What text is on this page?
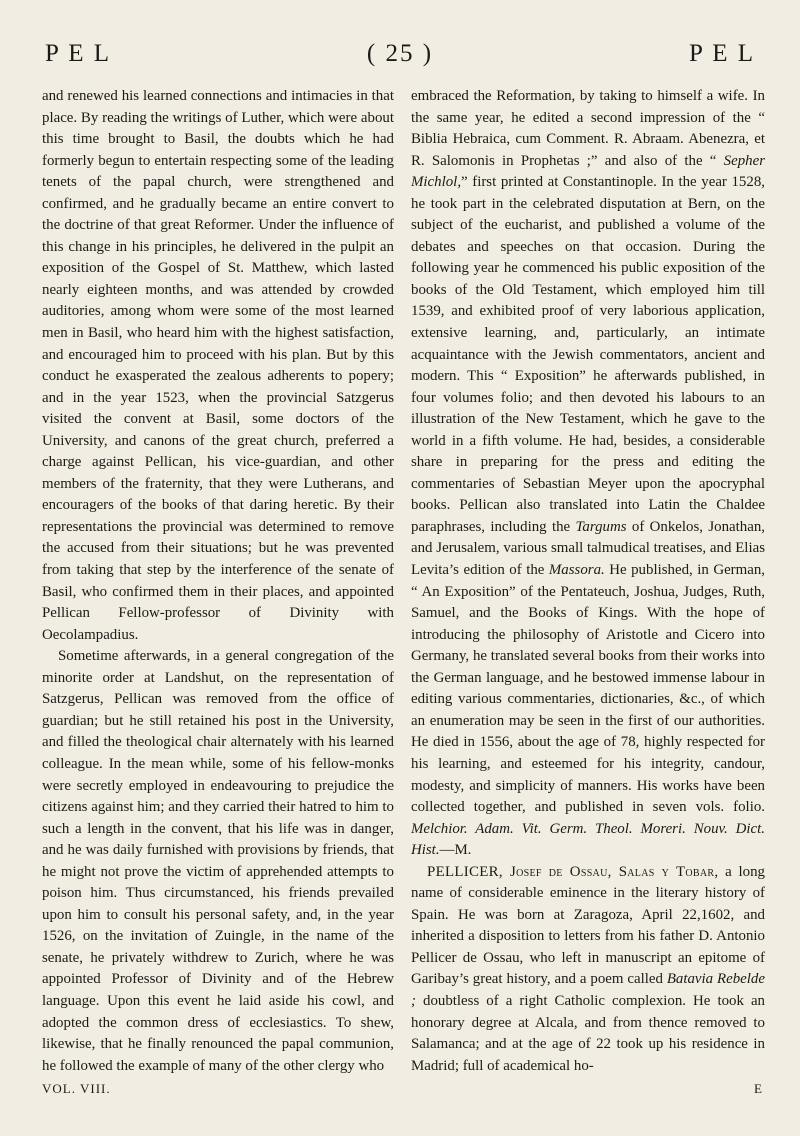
P E L	( 25 )	P E L

and renewed his learned connections and intimacies in that place. By reading the writings of Luther, which were about this time brought to Basil, the doubts which he had formerly begun to entertain respecting some of the leading tenets of the papal church, were strengthened and confirmed, and he gradually became an entire convert to the doctrine of that great Reformer. Under the influence of this change in his principles, he delivered in the pulpit an exposition of the Gospel of St. Matthew, which lasted nearly eighteen months, and was attended by crowded auditories, among whom were some of the most learned men in Basil, who heard him with the highest satisfaction, and encouraged him to proceed with his plan. But by this conduct he exasperated the zealous adherents to popery; and in the year 1523, when the provincial Satzgerus visited the convent at Basil, some doctors of the University, and canons of the great church, preferred a charge against Pellican, his vice-guardian, and other members of the fraternity, that they were Lutherans, and encouragers of the books of that daring heretic. By their representations the provincial was determined to remove the accused from their situations; but he was prevented from taking that step by the interference of the senate of Basil, who confirmed them in their places, and appointed Pellican Fellow-professor of Divinity with Oecolampadius.

Sometime afterwards, in a general congregation of the minorite order at Landshut, on the representation of Satzgerus, Pellican was removed from the office of guardian; but he still retained his post in the University, and filled the theological chair alternately with his learned colleague. In the mean while, some of his fellow-monks were secretly employed in endeavouring to prejudice the citizens against him; and they carried their hatred to him to such a length in the convent, that his life was in danger, and he was daily furnished with provisions by friends, that he might not prove the victim of apprehended attempts to poison him. Thus circumstanced, his friends prevailed upon him to consult his personal safety, and, in the year 1526, on the invitation of Zuingle, in the name of the senate, he privately withdrew to Zurich, where he was appointed Professor of Divinity and of the Hebrew language. Upon this event he laid aside his cowl, and adopted the common dress of ecclesiastics. To shew, likewise, that he finally renounced the papal communion, he followed the example of many of the other clergy who

embraced the Reformation, by taking to himself a wife. In the same year, he edited a second impression of the “ Biblia Hebraica, cum Comment. R. Abraam. Abenezra, et R. Salomonis in Prophetas ;” and also of the “ Sepher Michlol,” first printed at Constantinople. In the year 1528, he took part in the celebrated disputation at Bern, on the subject of the eucharist, and published a volume of the debates and speeches on that occasion. During the following year he commenced his public exposition of the books of the Old Testament, which employed him till 1539, and exhibited proof of very laborious application, extensive learning, and, particularly, an intimate acquaintance with the Jewish commentators, ancient and modern. This “ Exposition” he afterwards published, in four volumes folio; and then devoted his labours to an illustration of the New Testament, which he gave to the world in a fifth volume. He had, besides, a considerable share in preparing for the press and editing the commentaries of Sebastian Meyer upon the apocryphal books. Pellican also translated into Latin the Chaldee paraphrases, including the Targums of Onkelos, Jonathan, and Jerusalem, various small talmudical treatises, and Elias Levita’s edition of the Massora. He published, in German, “ An Exposition” of the Pentateuch, Joshua, Judges, Ruth, Samuel, and the Books of Kings. With the hope of introducing the philosophy of Aristotle and Cicero into Germany, he translated several books from their works into the German language, and he bestowed immense labour in editing various commentaries, dictionaries, &c., of which an enumeration may be seen in the first of our authorities. He died in 1556, about the age of 78, highly respected for his learning, and esteemed for his integrity, candour, modesty, and simplicity of manners. His works have been collected together, and published in seven vols. folio. Melchior. Adam. Vit. Germ. Theol. Moreri. Nouv. Dict. Hist.—M.

PELLICER, Josef de Ossau, Salas y Tobar, a long name of considerable eminence in the literary history of Spain. He was born at Zaragoza, April 22,1602, and inherited a disposition to letters from his father D. Antonio Pellicer de Ossau, who left in manuscript an epitome of Garibay’s great history, and a poem called Batavia Rebelde ; doubtless of a right Catholic complexion. He took an honorary degree at Alcala, and from thence removed to Salamanca; and at the age of 22 took up his residence in Madrid; full of academical ho-

VOL. VIII.	E
